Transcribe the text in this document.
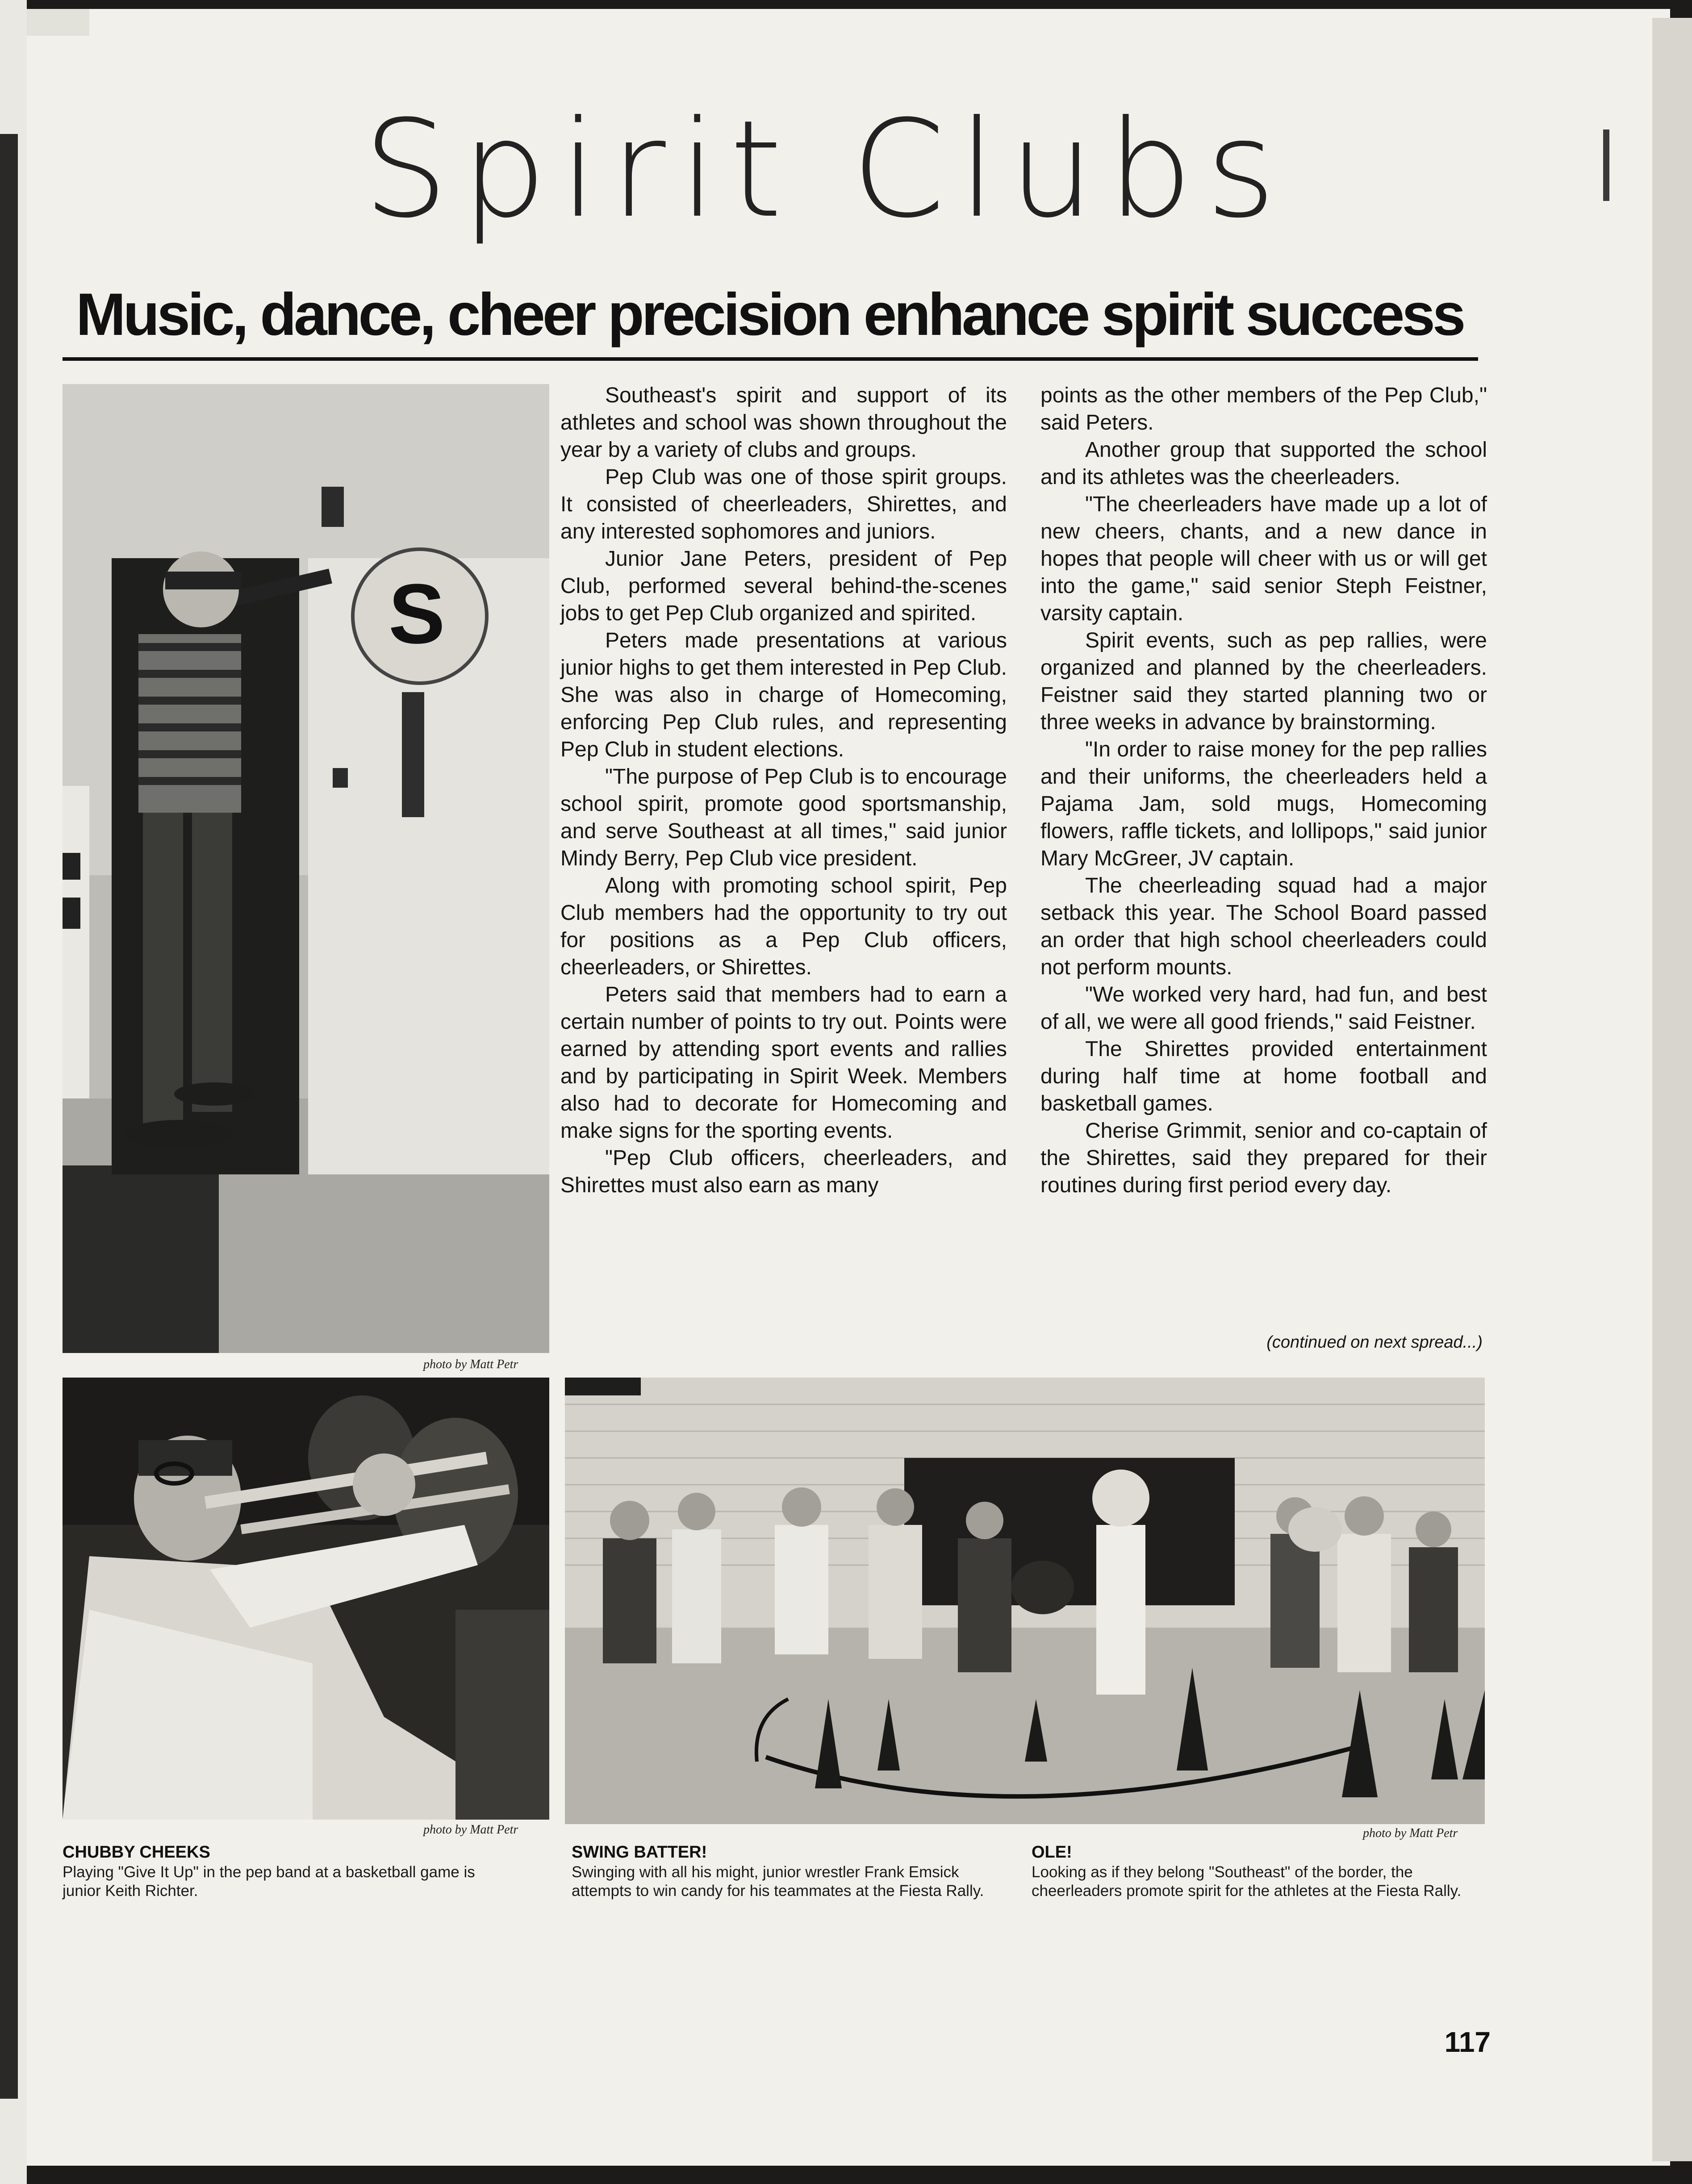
Spirit Clubs
Music, dance, cheer precision enhance spirit success
S
photo by Matt Petr

Southeast's spirit and support of its athletes and school was shown throughout the year by a variety of clubs and groups.

Pep Club was one of those spirit groups. It consisted of cheerleaders, Shirettes, and any interested sophomores and juniors.

Junior Jane Peters, president of Pep Club, performed several behind-the-scenes jobs to get Pep Club organized and spirited.

Peters made presentations at various junior highs to get them interested in Pep Club. She was also in charge of Homecoming, enforcing Pep Club rules, and representing Pep Club in student elections.

"The purpose of Pep Club is to encourage school spirit, promote good sportsmanship, and serve Southeast at all times," said junior Mindy Berry, Pep Club vice president.

Along with promoting school spirit, Pep Club members had the opportunity to try out for positions as a Pep Club officers, cheerleaders, or Shirettes.

Peters said that members had to earn a certain number of points to try out. Points were earned by attending sport events and rallies and by participating in Spirit Week. Members also had to decorate for Homecoming and make signs for the sporting events.

"Pep Club officers, cheerleaders, and Shirettes must also earn as many

points as the other members of the Pep Club," said Peters.

Another group that supported the school and its athletes was the cheerleaders.

"The cheerleaders have made up a lot of new cheers, chants, and a new dance in hopes that people will cheer with us or will get into the game," said senior Steph Feistner, varsity captain.

Spirit events, such as pep rallies, were organized and planned by the cheerleaders. Feistner said they started planning two or three weeks in advance by brainstorming.

"In order to raise money for the pep rallies and their uniforms, the cheerleaders held a Pajama Jam, sold mugs, Homecoming flowers, raffle tickets, and lollipops," said junior Mary McGreer, JV captain.

The cheerleading squad had a major setback this year. The School Board passed an order that high school cheerleaders could not perform mounts.

"We worked very hard, had fun, and best of all, we were all good friends," said Feistner.

The Shirettes provided entertainment during half time at home football and basketball games.

Cherise Grimmit, senior and co-captain of the Shirettes, said they prepared for their routines during first period every day.

(continued on next spread...)
photo by Matt Petr	photo by Matt Petr
CHUBBY CHEEKS
Playing "Give It Up" in the pep band at a basketball game is junior Keith Richter.
SWING BATTER!
Swinging with all his might, junior wrestler Frank Emsick attempts to win candy for his teammates at the Fiesta Rally.
OLE!
Looking as if they belong "Southeast" of the border, the cheerleaders promote spirit for the athletes at the Fiesta Rally.
117
